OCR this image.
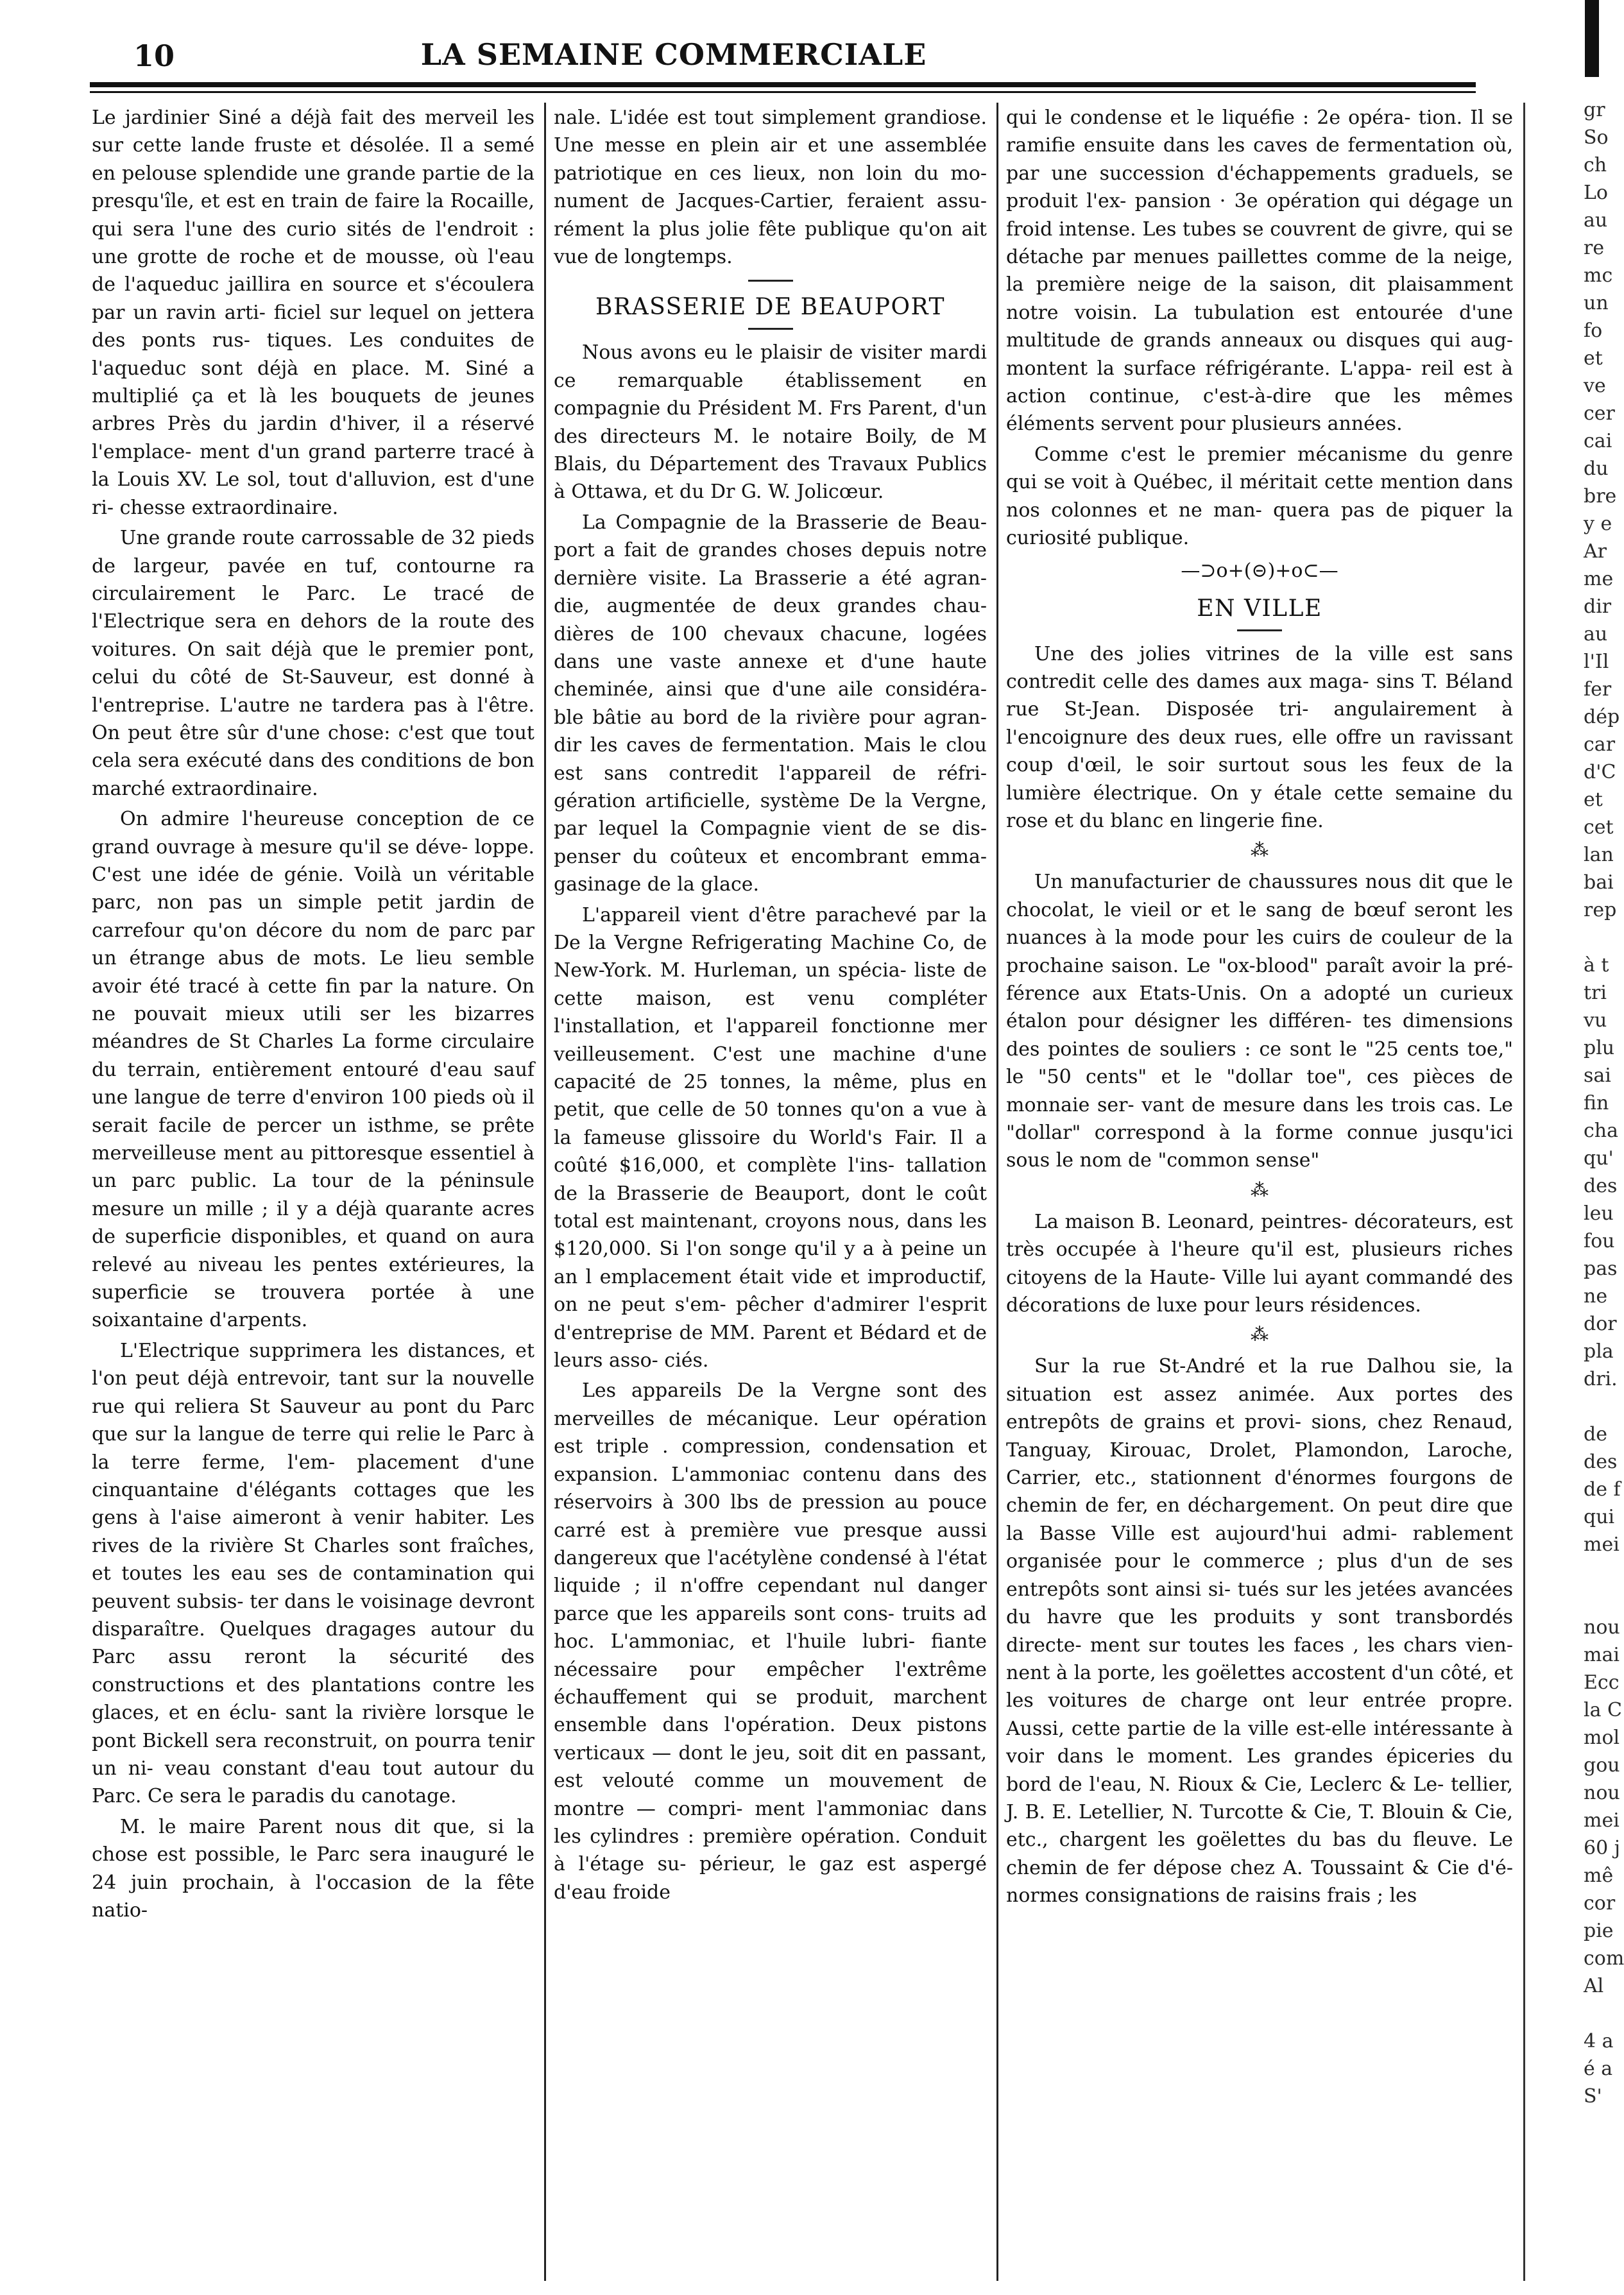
10	LA SEMAINE COMMERCIALE

Le jardinier Siné a déjà fait des merveil les sur cette lande fruste et désolée. Il a semé en pelouse splendide une grande partie de la presqu'île, et est en train de faire la Rocaille, qui sera l'une des curio sités de l'endroit : une grotte de roche et de mousse, où l'eau de l'aqueduc jaillira en source et s'écoulera par un ravin arti- ficiel sur lequel on jettera des ponts rus- tiques. Les conduites de l'aqueduc sont déjà en place. M. Siné a multiplié ça et là les bouquets de jeunes arbres Près du jardin d'hiver, il a réservé l'emplace- ment d'un grand parterre tracé à la Louis XV. Le sol, tout d'alluvion, est d'une ri- chesse extraordinaire.

Une grande route carrossable de 32 pieds de largeur, pavée en tuf, contourne ra circulairement le Parc. Le tracé de l'Electrique sera en dehors de la route des voitures. On sait déjà que le premier pont, celui du côté de St-Sauveur, est donné à l'entreprise. L'autre ne tardera pas à l'être. On peut être sûr d'une chose: c'est que tout cela sera exécuté dans des conditions de bon marché extraordinaire.

On admire l'heureuse conception de ce grand ouvrage à mesure qu'il se déve- loppe. C'est une idée de génie. Voilà un véritable parc, non pas un simple petit jardin de carrefour qu'on décore du nom de parc par un étrange abus de mots. Le lieu semble avoir été tracé à cette fin par la nature. On ne pouvait mieux utili ser les bizarres méandres de St Charles La forme circulaire du terrain, entièrement entouré d'eau sauf une langue de terre d'environ 100 pieds où il serait facile de percer un isthme, se prête merveilleuse ment au pittoresque essentiel à un parc public. La tour de la péninsule mesure un mille ; il y a déjà quarante acres de superficie disponibles, et quand on aura relevé au niveau les pentes extérieures, la superficie se trouvera portée à une soixantaine d'arpents.

L'Electrique supprimera les distances, et l'on peut déjà entrevoir, tant sur la nouvelle rue qui reliera St Sauveur au pont du Parc que sur la langue de terre qui relie le Parc à la terre ferme, l'em- placement d'une cinquantaine d'élégants cottages que les gens à l'aise aimeront à venir habiter. Les rives de la rivière St Charles sont fraîches, et toutes les eau ses de contamination qui peuvent subsis- ter dans le voisinage devront disparaître. Quelques dragages autour du Parc assu reront la sécurité des constructions et des plantations contre les glaces, et en éclu- sant la rivière lorsque le pont Bickell sera reconstruit, on pourra tenir un ni- veau constant d'eau tout autour du Parc. Ce sera le paradis du canotage.

M. le maire Parent nous dit que, si la chose est possible, le Parc sera inauguré le 24 juin prochain, à l'occasion de la fête natio-

nale. L'idée est tout simplement grandiose. Une messe en plein air et une assemblée patriotique en ces lieux, non loin du mo- nument de Jacques-Cartier, feraient assu- rément la plus jolie fête publique qu'on ait vue de longtemps.

BRASSERIE DE BEAUPORT

Nous avons eu le plaisir de visiter mardi ce remarquable établissement en compagnie du Président M. Frs Parent, d'un des directeurs M. le notaire Boily, de M Blais, du Département des Travaux Publics à Ottawa, et du Dr G. W. Jolicœur.

La Compagnie de la Brasserie de Beau- port a fait de grandes choses depuis notre dernière visite. La Brasserie a été agran- die, augmentée de deux grandes chau- dières de 100 chevaux chacune, logées dans une vaste annexe et d'une haute cheminée, ainsi que d'une aile considéra- ble bâtie au bord de la rivière pour agran- dir les caves de fermentation. Mais le clou est sans contredit l'appareil de réfri- gération artificielle, système De la Vergne, par lequel la Compagnie vient de se dis- penser du coûteux et encombrant emma- gasinage de la glace.

L'appareil vient d'être parachevé par la De la Vergne Refrigerating Machine Co, de New-York. M. Hurleman, un spécia- liste de cette maison, est venu compléter l'installation, et l'appareil fonctionne mer veilleusement. C'est une machine d'une capacité de 25 tonnes, la même, plus en petit, que celle de 50 tonnes qu'on a vue à la fameuse glissoire du World's Fair. Il a coûté $16,000, et complète l'ins- tallation de la Brasserie de Beauport, dont le coût total est maintenant, croyons nous, dans les $120,000. Si l'on songe qu'il y a à peine un an l emplacement était vide et improductif, on ne peut s'em- pêcher d'admirer l'esprit d'entreprise de MM. Parent et Bédard et de leurs asso- ciés.

Les appareils De la Vergne sont des merveilles de mécanique. Leur opération est triple . compression, condensation et expansion. L'ammoniac contenu dans des réservoirs à 300 lbs de pression au pouce carré est à première vue presque aussi dangereux que l'acétylène condensé à l'état liquide ; il n'offre cependant nul danger parce que les appareils sont cons- truits ad hoc. L'ammoniac, et l'huile lubri- fiante nécessaire pour empêcher l'extrême échauffement qui se produit, marchent ensemble dans l'opération. Deux pistons verticaux — dont le jeu, soit dit en passant, est velouté comme un mouvement de montre — compri- ment l'ammoniac dans les cylindres : première opération. Conduit à l'étage su- périeur, le gaz est aspergé d'eau froide

qui le condense et le liquéfie : 2e opéra- tion. Il se ramifie ensuite dans les caves de fermentation où, par une succession d'échappements graduels, se produit l'ex- pansion · 3e opération qui dégage un froid intense. Les tubes se couvrent de givre, qui se détache par menues paillettes comme de la neige, la première neige de la saison, dit plaisamment notre voisin. La tubulation est entourée d'une multitude de grands anneaux ou disques qui aug- montent la surface réfrigérante. L'appa- reil est à action continue, c'est-à-dire que les mêmes éléments servent pour plusieurs années.

Comme c'est le premier mécanisme du genre qui se voit à Québec, il méritait cette mention dans nos colonnes et ne man- quera pas de piquer la curiosité publique.

—⊃o+(⊝)+o⊂—
EN VILLE

Une des jolies vitrines de la ville est sans contredit celle des dames aux maga- sins T. Béland rue St-Jean. Disposée tri- angulairement à l'encoignure des deux rues, elle offre un ravissant coup d'œil, le soir surtout sous les feux de la lumière électrique. On y étale cette semaine du rose et du blanc en lingerie fine.

⁂

Un manufacturier de chaussures nous dit que le chocolat, le vieil or et le sang de bœuf seront les nuances à la mode pour les cuirs de couleur de la prochaine saison. Le "ox-blood" paraît avoir la pré- férence aux Etats-Unis. On a adopté un curieux étalon pour désigner les différen- tes dimensions des pointes de souliers : ce sont le "25 cents toe," le "50 cents" et le "dollar toe", ces pièces de monnaie ser- vant de mesure dans les trois cas. Le "dollar" correspond à la forme connue jusqu'ici sous le nom de "common sense"

⁂

La maison B. Leonard, peintres- décorateurs, est très occupée à l'heure qu'il est, plusieurs riches citoyens de la Haute- Ville lui ayant commandé des décorations de luxe pour leurs résidences.

⁂

Sur la rue St-André et la rue Dalhou sie, la situation est assez animée. Aux portes des entrepôts de grains et provi- sions, chez Renaud, Tanguay, Kirouac, Drolet, Plamondon, Laroche, Carrier, etc., stationnent d'énormes fourgons de chemin de fer, en déchargement. On peut dire que la Basse Ville est aujourd'hui admi- rablement organisée pour le commerce ; plus d'un de ses entrepôts sont ainsi si- tués sur les jetées avancées du havre que les produits y sont transbordés directe- ment sur toutes les faces , les chars vien- nent à la porte, les goëlettes accostent d'un côté, et les voitures de charge ont leur entrée propre. Aussi, cette partie de la ville est-elle intéressante à voir dans le moment. Les grandes épiceries du bord de l'eau, N. Rioux & Cie, Leclerc & Le- tellier, J. B. E. Letellier, N. Turcotte & Cie, T. Blouin & Cie, etc., chargent les goëlettes du bas du fleuve. Le chemin de fer dépose chez A. Toussaint & Cie d'é- normes consignations de raisins frais ; les

gr
So
ch
Lo
au
re
mc
un
fo
et
ve
cer
cai
du
bre
y e
Ar
me
dir
au
l'Il
fer
dép
car
d'C
et
cet
lan
bai
rep

à t
tri
vu
plu
sai
fin
cha
qu'
des
leu
fou
pas
ne
dor
pla
dri.

de
des
de f
qui
mei

nou
mai
Ecc
la C
mol
gou
nou
mei
60 j
mê
cor
pie
com
Al

4 a
é a
S'
